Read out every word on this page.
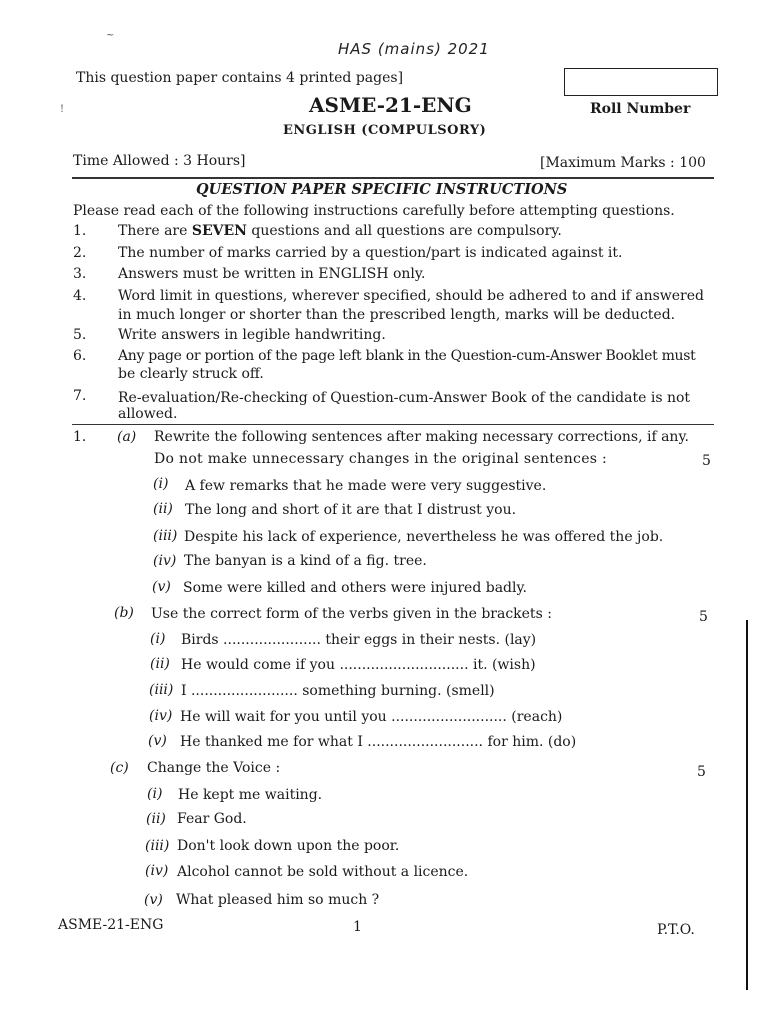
HAS (mains) 2021
~
!
This question paper contains 4 printed pages]
ASME-21-ENG	Roll Number
ENGLISH (COMPULSORY)
Time Allowed : 3 Hours]	[Maximum Marks : 100
QUESTION PAPER SPECIFIC INSTRUCTIONS
Please read each of the following instructions carefully before attempting questions.
1. There are SEVEN questions and all questions are compulsory.
2. The number of marks carried by a question/part is indicated against it.
3. Answers must be written in ENGLISH only.
4. Word limit in questions, wherever specified, should be adhered to and if answered
in much longer or shorter than the prescribed length, marks will be deducted.
5. Write answers in legible handwriting.
6. Any page or portion of the page left blank in the Question-cum-Answer Booklet must
be clearly struck off.
7. Re-evaluation/Re-checking of Question-cum-Answer Book of the candidate is not
allowed.
1. (a) Rewrite the following sentences after making necessary corrections, if any.
Do not make unnecessary changes in the original sentences :	5
(i) A few remarks that he made were very suggestive.
(ii) The long and short of it are that I distrust you.
(iii) Despite his lack of experience, nevertheless he was offered the job.
(iv) The banyan is a kind of a fig. tree.
(v) Some were killed and others were injured badly.
(b) Use the correct form of the verbs given in the brackets :	5
(i) Birds ...................... their eggs in their nests. (lay)
(ii) He would come if you ............................. it. (wish)
(iii) I ........................ something burning. (smell)
(iv) He will wait for you until you .......................... (reach)
(v) He thanked me for what I .......................... for him. (do)
(c) Change the Voice :	5
(i) He kept me waiting.
(ii) Fear God.
(iii) Don't look down upon the poor.
(iv) Alcohol cannot be sold without a licence.
(v) What pleased him so much ?
ASME-21-ENG	1	P.T.O.
